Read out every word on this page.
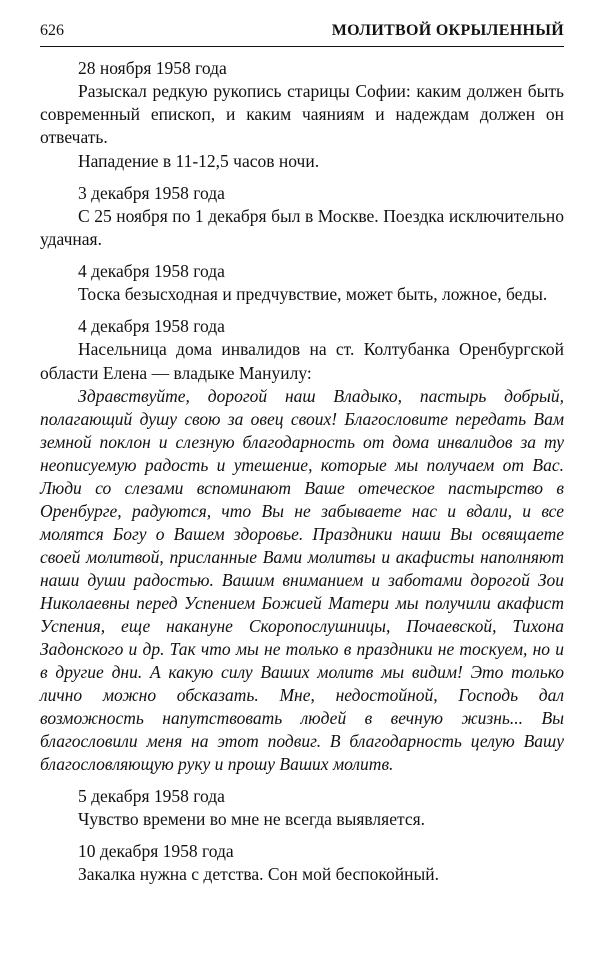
626	МОЛИТВОЙ ОКРЫЛЕННЫЙ
28 ноября 1958 года

Разыскал редкую рукопись старицы Софии: каким должен быть современный епископ, и каким чаяниям и надеждам должен он отвечать.

Нападение в 11-12,5 часов ночи.

3 декабря 1958 года

С 25 ноября по 1 декабря был в Москве. Поездка исключительно удачная.

4 декабря 1958 года

Тоска безысходная и предчувствие, может быть, ложное, беды.

4 декабря 1958 года

Насельница дома инвалидов на ст. Колтубанка Оренбургской области Елена — владыке Мануилу:

Здравствуйте, дорогой наш Владыко, пастырь добрый, полагающий душу свою за овец своих! Благословите передать Вам земной поклон и слезную благодарность от дома инвалидов за ту неописуемую радость и утешение, которые мы получаем от Вас. Люди со слезами вспоминают Ваше отеческое пастырство в Оренбурге, радуются, что Вы не забываете нас и вдали, и все молятся Богу о Вашем здоровье. Праздники наши Вы освящаете своей молитвой, присланные Вами молитвы и акафисты наполняют наши души радостью. Вашим вниманием и заботами дорогой Зои Николаевны перед Успением Божией Матери мы получили акафист Успения, еще накануне Скоропослушницы, Почаевской, Тихона Задонского и др. Так что мы не только в праздники не тоскуем, но и в другие дни. А какую силу Ваших молитв мы видим! Это только лично можно обсказать. Мне, недостойной, Господь дал возможность напутствовать людей в вечную жизнь... Вы благословили меня на этот подвиг. В благодарность целую Вашу благословляющую руку и прошу Ваших молитв.

5 декабря 1958 года

Чувство времени во мне не всегда выявляется.

10 декабря 1958 года

Закалка нужна с детства. Сон мой беспокойный.
